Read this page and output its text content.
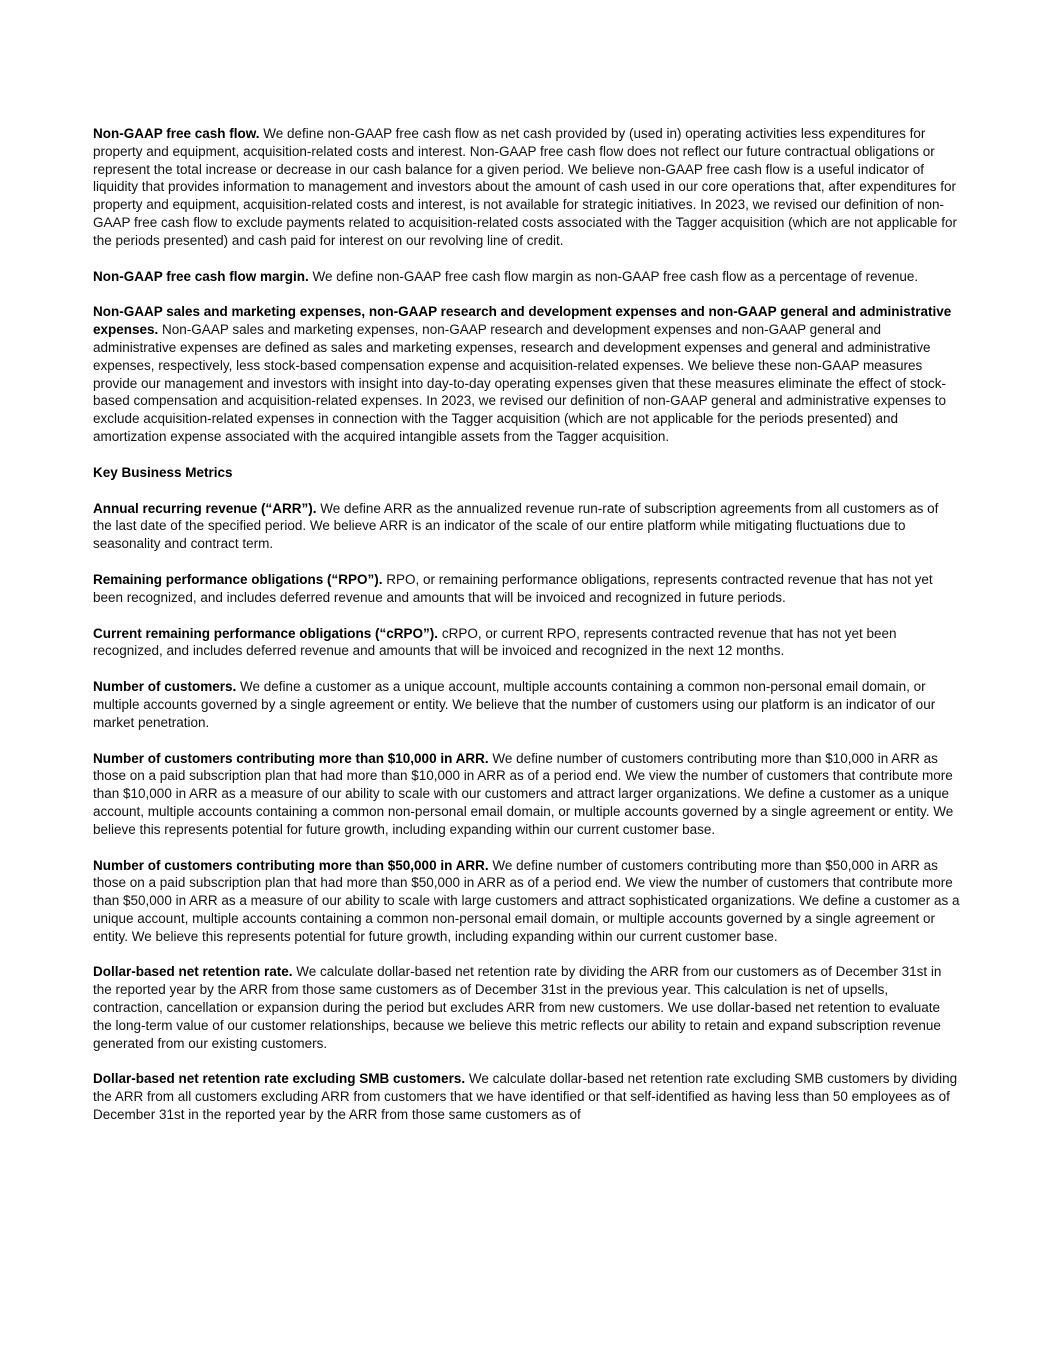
Non-GAAP free cash flow. We define non-GAAP free cash flow as net cash provided by (used in) operating activities less expenditures for property and equipment, acquisition-related costs and interest. Non-GAAP free cash flow does not reflect our future contractual obligations or represent the total increase or decrease in our cash balance for a given period. We believe non-GAAP free cash flow is a useful indicator of liquidity that provides information to management and investors about the amount of cash used in our core operations that, after expenditures for property and equipment, acquisition-related costs and interest, is not available for strategic initiatives. In 2023, we revised our definition of non-GAAP free cash flow to exclude payments related to acquisition-related costs associated with the Tagger acquisition (which are not applicable for the periods presented) and cash paid for interest on our revolving line of credit.

Non-GAAP free cash flow margin. We define non-GAAP free cash flow margin as non-GAAP free cash flow as a percentage of revenue.

Non-GAAP sales and marketing expenses, non-GAAP research and development expenses and non-GAAP general and administrative expenses. Non-GAAP sales and marketing expenses, non-GAAP research and development expenses and non-GAAP general and administrative expenses are defined as sales and marketing expenses, research and development expenses and general and administrative expenses, respectively, less stock-based compensation expense and acquisition-related expenses. We believe these non-GAAP measures provide our management and investors with insight into day-to-day operating expenses given that these measures eliminate the effect of stock-based compensation and acquisition-related expenses. In 2023, we revised our definition of non-GAAP general and administrative expenses to exclude acquisition-related expenses in connection with the Tagger acquisition (which are not applicable for the periods presented) and amortization expense associated with the acquired intangible assets from the Tagger acquisition.

Key Business Metrics

Annual recurring revenue (“ARR”). We define ARR as the annualized revenue run-rate of subscription agreements from all customers as of the last date of the specified period. We believe ARR is an indicator of the scale of our entire platform while mitigating fluctuations due to seasonality and contract term.

Remaining performance obligations (“RPO”). RPO, or remaining performance obligations, represents contracted revenue that has not yet been recognized, and includes deferred revenue and amounts that will be invoiced and recognized in future periods.

Current remaining performance obligations (“cRPO”). cRPO, or current RPO, represents contracted revenue that has not yet been recognized, and includes deferred revenue and amounts that will be invoiced and recognized in the next 12 months.

Number of customers. We define a customer as a unique account, multiple accounts containing a common non-personal email domain, or multiple accounts governed by a single agreement or entity. We believe that the number of customers using our platform is an indicator of our market penetration.

Number of customers contributing more than $10,000 in ARR. We define number of customers contributing more than $10,000 in ARR as those on a paid subscription plan that had more than $10,000 in ARR as of a period end. We view the number of customers that contribute more than $10,000 in ARR as a measure of our ability to scale with our customers and attract larger organizations. We define a customer as a unique account, multiple accounts containing a common non-personal email domain, or multiple accounts governed by a single agreement or entity. We believe this represents potential for future growth, including expanding within our current customer base.

Number of customers contributing more than $50,000 in ARR. We define number of customers contributing more than $50,000 in ARR as those on a paid subscription plan that had more than $50,000 in ARR as of a period end. We view the number of customers that contribute more than $50,000 in ARR as a measure of our ability to scale with large customers and attract sophisticated organizations. We define a customer as a unique account, multiple accounts containing a common non-personal email domain, or multiple accounts governed by a single agreement or entity. We believe this represents potential for future growth, including expanding within our current customer base.

Dollar-based net retention rate. We calculate dollar-based net retention rate by dividing the ARR from our customers as of December 31st in the reported year by the ARR from those same customers as of December 31st in the previous year. This calculation is net of upsells, contraction, cancellation or expansion during the period but excludes ARR from new customers. We use dollar-based net retention to evaluate the long-term value of our customer relationships, because we believe this metric reflects our ability to retain and expand subscription revenue generated from our existing customers.

Dollar-based net retention rate excluding SMB customers. We calculate dollar-based net retention rate excluding SMB customers by dividing the ARR from all customers excluding ARR from customers that we have identified or that self-identified as having less than 50 employees as of December 31st in the reported year by the ARR from those same customers as of
